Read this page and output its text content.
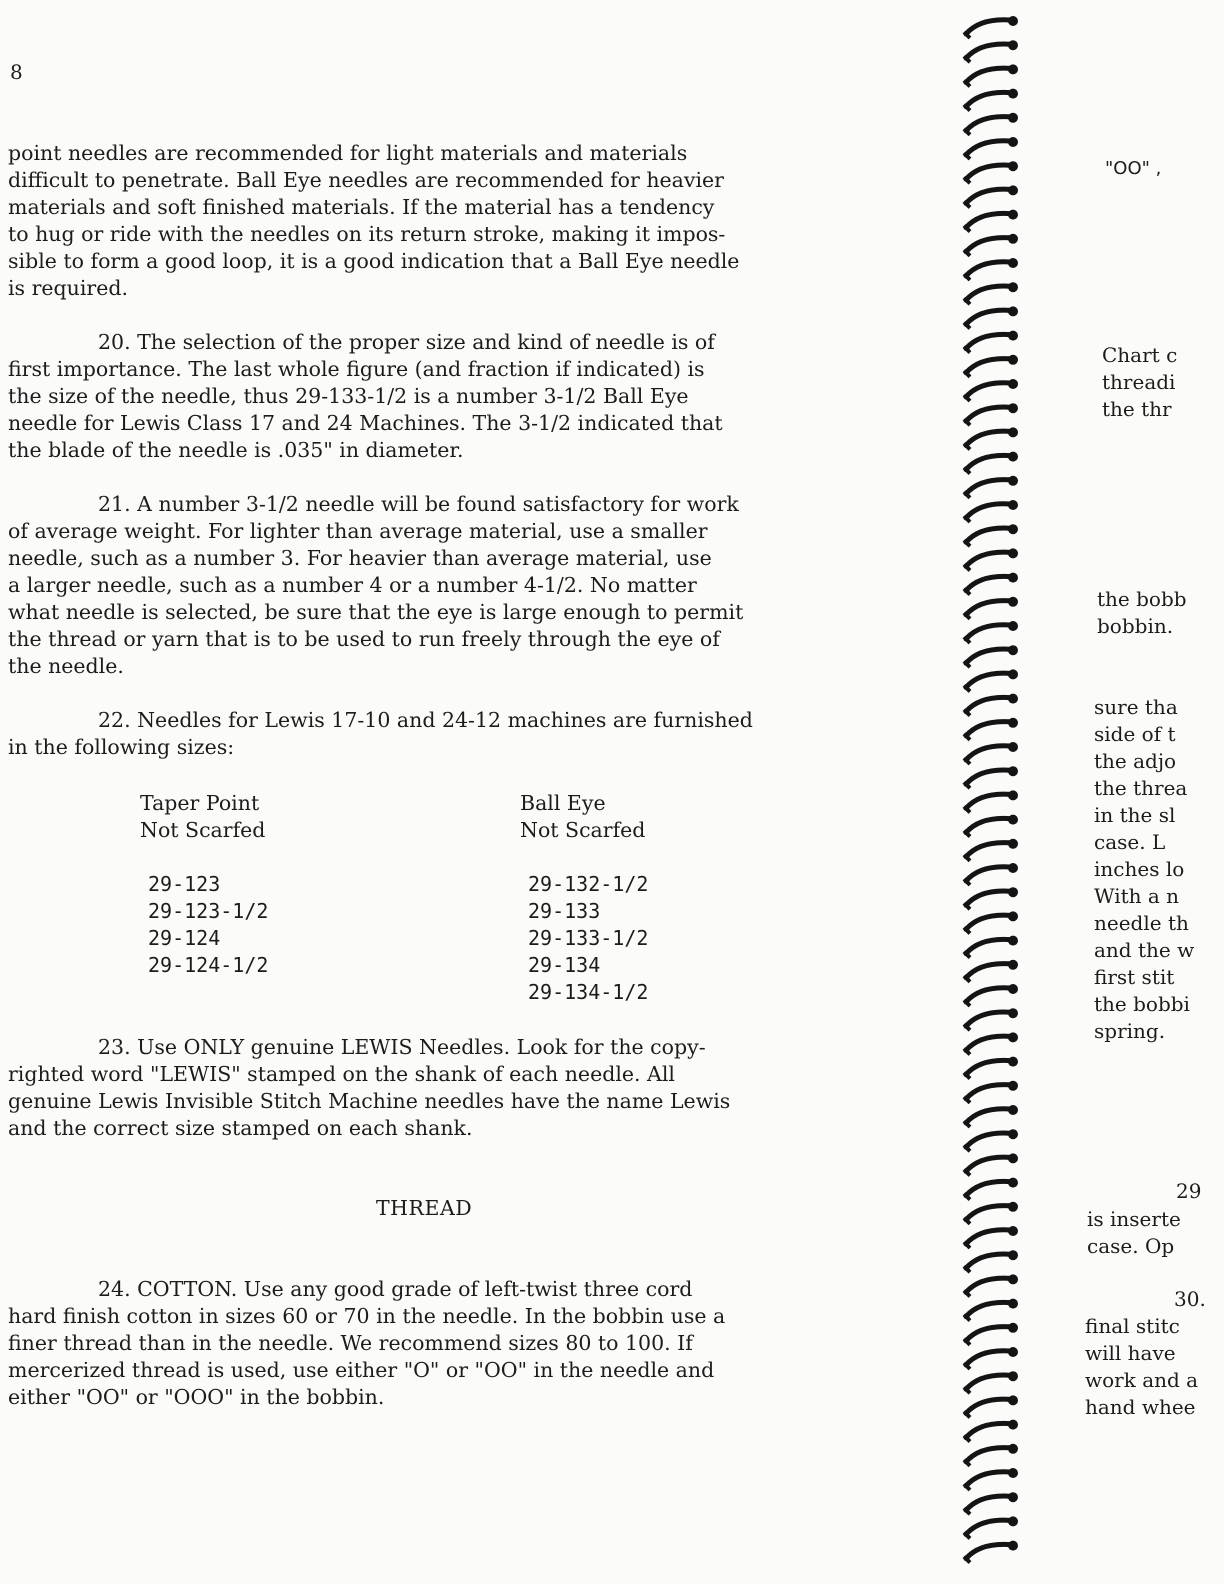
8
point needles are recommended for light materials and materials
difficult to penetrate. Ball Eye needles are recommended for heavier
materials and soft finished materials. If the material has a tendency
to hug or ride with the needles on its return stroke, making it impos-
sible to form a good loop, it is a good indication that a Ball Eye needle
is required.
20. The selection of the proper size and kind of needle is of
first importance. The last whole figure (and fraction if indicated) is
the size of the needle, thus 29-133-1/2 is a number 3-1/2 Ball Eye
needle for Lewis Class 17 and 24 Machines. The 3-1/2 indicated that
the blade of the needle is .035" in diameter.
21. A number 3-1/2 needle will be found satisfactory for work
of average weight. For lighter than average material, use a smaller
needle, such as a number 3. For heavier than average material, use
a larger needle, such as a number 4 or a number 4-1/2. No matter
what needle is selected, be sure that the eye is large enough to permit
the thread or yarn that is to be used to run freely through the eye of
the needle.
22. Needles for Lewis 17-10 and 24-12 machines are furnished
in the following sizes:
Taper Point
Not Scarfed
29-123
29-123-1/2
29-124
29-124-1/2
Ball Eye
Not Scarfed
29-132-1/2
29-133
29-133-1/2
29-134
29-134-1/2
23. Use ONLY genuine LEWIS Needles. Look for the copy-
righted word "LEWIS" stamped on the shank of each needle. All
genuine Lewis Invisible Stitch Machine needles have the name Lewis
and the correct size stamped on each shank.
THREAD
24. COTTON. Use any good grade of left-twist three cord
hard finish cotton in sizes 60 or 70 in the needle. In the bobbin use a
finer thread than in the needle. We recommend sizes 80 to 100. If
mercerized thread is used, use either "O" or "OO" in the needle and
either "OO" or "OOO" in the bobbin.
"OO" ,
Chart c
threadi
the thr
the bobb
bobbin.
sure tha
side of t
the adjo
the threa
in the sl
case. L
inches lo
With a n
needle th
and the w
first stit
the bobbi
spring.
29
is inserte
case. Op
30.
final stitc
will have
work and a
hand whee
